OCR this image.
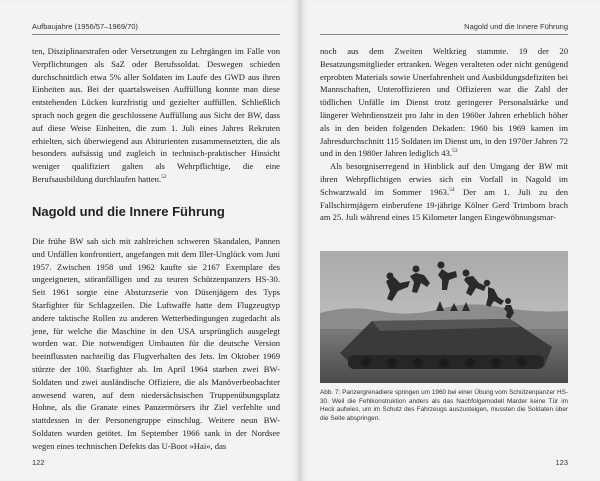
Aufbaujahre (1956/57–1969/70)

ten, Disziplinarstrafen oder Versetzungen zu Lehrgängen im Falle von Verpflichtungen als SaZ oder Berufssoldat. Deswegen schieden durchschnittlich etwa 5% aller Soldaten im Laufe des GWD aus ihren Einheiten aus. Bei der quartalsweisen Auffüllung konnte man diese entstehenden Lücken kurzfristig und gezielter auffüllen. Schließlich sprach noch gegen die geschlossene Auffüllung aus Sicht der BW, dass auf diese Weise Einheiten, die zum 1. Juli eines Jahres Rekruten erhielten, sich überwiegend aus Abiturienten zusammensetzten, die als besonders aufsässig und zugleich in technisch-praktischer Hinsicht weniger qualifiziert galten als Wehrpflichtige, die eine Berufsausbildung durchlaufen hatten.$^{52}$

Nagold und die Innere Führung

Die frühe BW sah sich mit zahlreichen schweren Skandalen, Pannen und Unfällen konfrontiert, angefangen mit dem Iller-Unglück vom Juni 1957. Zwischen 1958 und 1962 kaufte sie 2167 Exemplare des ungeeigneten, störanfälligen und zu teuren Schützenpanzers HS-30. Seit 1961 sorgte eine Absturzserie von Düsenjägern des Typs Starfighter für Schlagzeilen. Die Luftwaffe hatte dem Flugzeugtyp andere taktische Rollen zu anderen Wetterbedingungen zugedacht als jene, für welche die Maschine in den USA ursprünglich ausgelegt worden war. Die notwendigen Umbauten für die deutsche Version beeinflussten nachteilig das Flugverhalten des Jets. Im Oktober 1969 stürzte der 100. Starfighter ab. Im April 1964 starben zwei BW-Soldaten und zwei ausländische Offiziere, die als Manöverbeobachter anwesend waren, auf dem niedersächsischen Truppenübungsplatz Hohne, als die Granate eines Panzermörsers ihr Ziel verfehlte und stattdessen in der Personengruppe einschlug. Weitere neun BW-Soldaten wurden getötet. Im September 1966 sank in der Nordsee wegen eines technischen Defekts das U-Boot »Hai«, das

122
Nagold und die Innere Führung

noch aus dem Zweiten Weltkrieg stammte. 19 der 20 Besatzungsmitglieder ertranken. Wegen veralteten oder nicht genügend erprobten Materials sowie Unerfahrenheit und Ausbildungsdefiziten bei Mannschaften, Unteroffizieren und Offizieren war die Zahl der tödlichen Unfälle im Dienst trotz geringerer Personalstärke und längerer Wehrdienstzeit pro Jahr in den 1960er Jahren erheblich höher als in den beiden folgenden Dekaden: 1960 bis 1969 kamen im Jahresdurchschnitt 115 Soldaten im Dienst um, in den 1970er Jahren 72 und in den 1980er Jahren lediglich 43.53

Als besorgniserregend in Hinblick auf den Umgang der BW mit ihren Wehrpflichtigen erwies sich ein Vorfall in Nagold im Schwarzwald im Sommer 1963.54 Der am 1. Juli zu den Fallschirmjägern einberufene 19-jährige Kölner Gerd Trimborn brach am 25. Juli während eines 15 Kilometer langen Eingewöhnungsmar-

Abb. 7: Panzergrenadiere springen um 1960 bei einer Übung vom Schützenpanzer HS-30. Weil die Fehlkonstruktion anders als das Nachfolgemodell Marder keine Tür im Heck aufwies, um im Schutz des Fahrzeugs auszusteigen, mussten die Soldaten über die Seite abspringen.

123
